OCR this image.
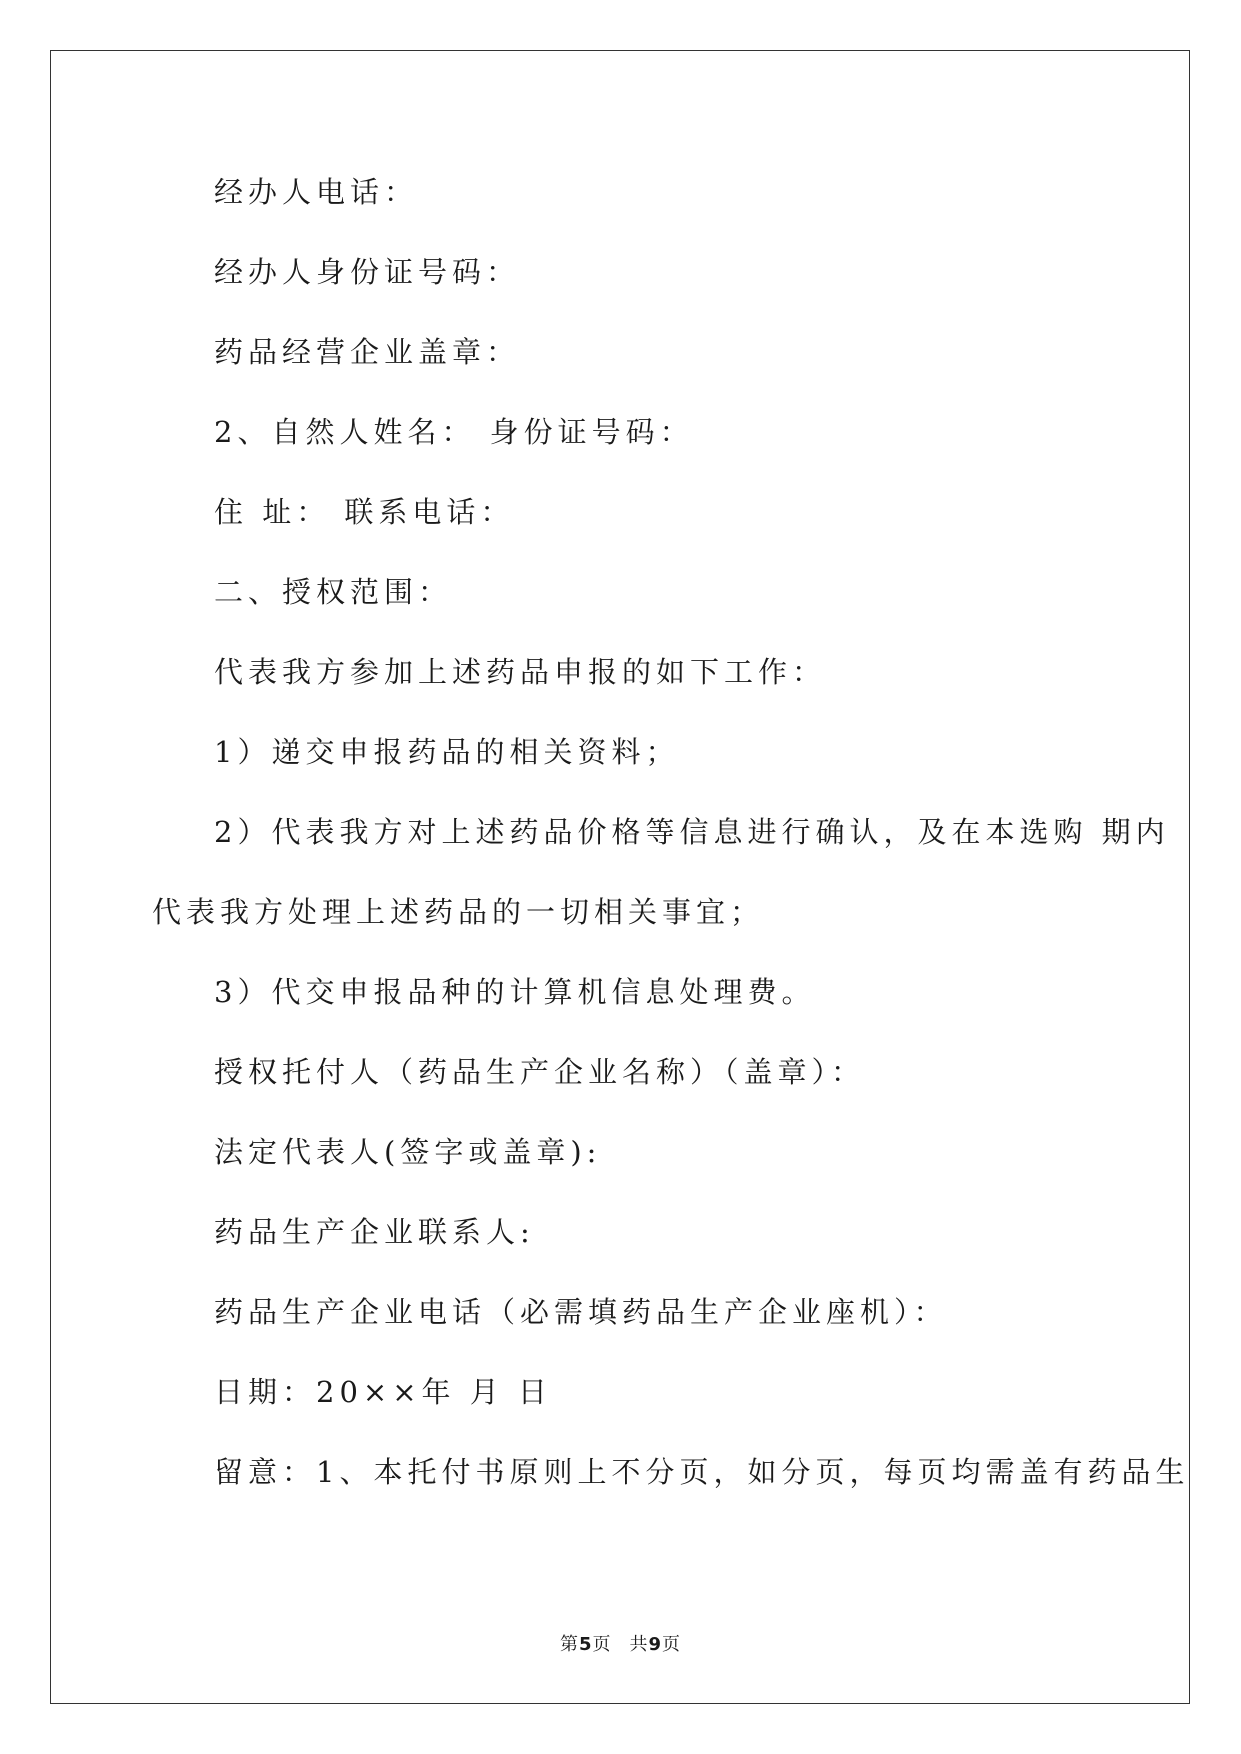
经办人电话：
经办人身份证号码：
药品经营企业盖章：
2、自然人姓名： 身份证号码：
住 址： 联系电话：
二、授权范围：
代表我方参加上述药品申报的如下工作：
1）递交申报药品的相关资料；
2）代表我方对上述药品价格等信息进行确认，及在本选购 期内
代表我方处理上述药品的一切相关事宜；
3）代交申报品种的计算机信息处理费。
授权托付人（药品生产企业名称）（盖章）：
法定代表人(签字或盖章):
药品生产企业联系人:
药品生产企业电话（必需填药品生产企业座机）：
日期：20××年 月 日
留意：1、本托付书原则上不分页，如分页，每页均需盖有药品生
第5页 共9页
